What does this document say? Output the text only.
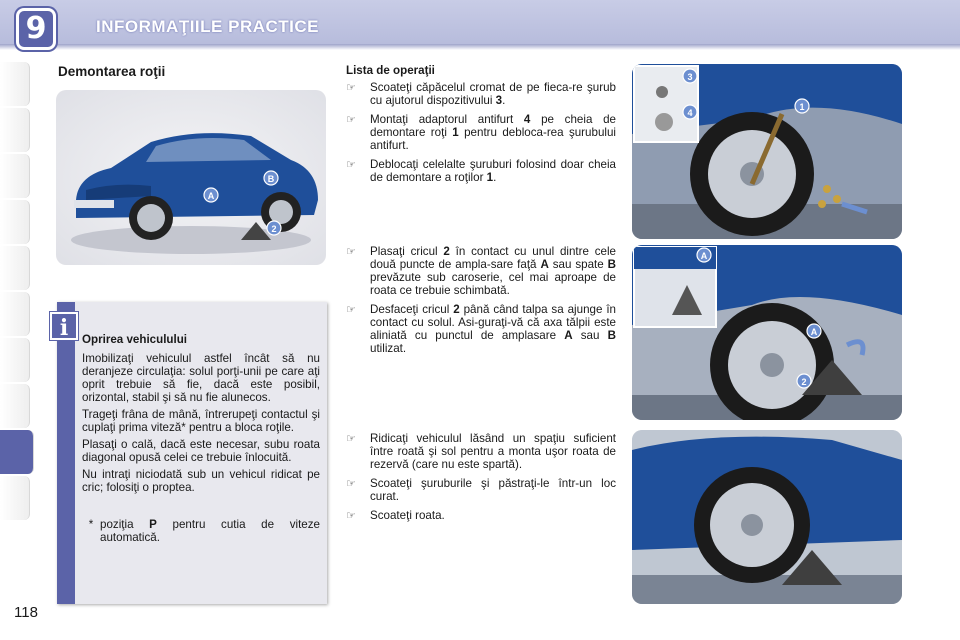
9	INFORMAŢIILE PRACTICE
118
Demontarea roţii
A
B
2
i	Oprirea vehiculului

Imobilizaţi vehiculul astfel încât să nu deranjeze circulaţia: solul porţi-unii pe care aţi oprit trebuie să fie, dacă este posibil, orizontal, stabil şi să nu fie alunecos.

Trageţi frâna de mână, întrerupeţi contactul şi cuplaţi prima viteză* pentru a bloca roţile.

Plasaţi o cală, dacă este necesar, subu roata diagonal opusă celei ce trebuie înlocuită.

Nu intraţi niciodată sub un vehicul ridicat pe cric; folosiţi o proptea.

* poziţia P pentru cutia de viteze automatică.
Lista de operaţii
☞	Scoateţi căpăcelul cromat de pe fieca-re şurub cu ajutorul dispozitivului 3.
☞	Montaţi adaptorul antifurt 4 pe cheia de demontare roţi 1 pentru debloca-rea şurubului antifurt.
☞	Deblocaţi celelalte şuruburi folosind doar cheia de demontare a roţilor 1.
☞	Plasaţi cricul 2 în contact cu unul dintre cele două puncte de ampla-sare faţă A sau spate B prevăzute sub caroserie, cel mai aproape de roata ce trebuie schimbată.
☞	Desfaceţi cricul 2 până când talpa sa ajunge în contact cu solul. Asi-guraţi-vă că axa tălpii este aliniată cu punctul de amplasare A sau B utilizat.
☞	Ridicaţi vehiculul lăsând un spaţiu suficient între roată şi sol pentru a monta uşor roata de rezervă (care nu este spartă).
☞	Scoateţi şuruburile şi păstraţi-le într-un loc curat.
☞	Scoateţi roata.
3
4
1
A
A
2
